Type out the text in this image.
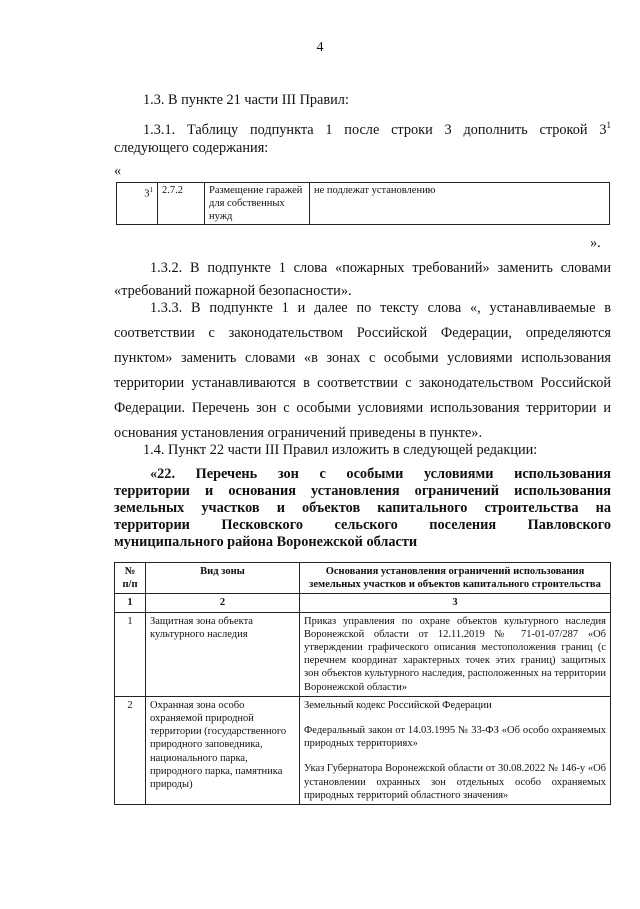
4
1.3. В пункте 21 части III Правил:
1.3.1. Таблицу подпункта 1 после строки 3 дополнить строкой $3^1$
следующего содержания:
«
$3^1$	2.7.2	Размещение гаражей для собственных нужд	не подлежат установлению
».
1.3.2. В подпункте 1 слова «пожарных требований» заменить словами «требований пожарной безопасности».
1.3.3. В подпункте 1 и далее по тексту слова «, устанавливаемые в соответствии с законодательством Российской Федерации, определяются пунктом» заменить словами «в зонах с особыми условиями использования территории устанавливаются в соответствии с законодательством Российской Федерации. Перечень зон с особыми условиями использования территории и основания установления ограничений приведены в пункте».
1.4. Пункт 22 части III Правил изложить в следующей редакции:
«22. Перечень зон с особыми условиями использования
территории и основания установления ограничений использования
земельных участков и объектов капитального строительства на
территории Песковского сельского поселения Павловского
муниципального района Воронежской области
№
п/п	Вид зоны	Основания установления ограничений использования земельных участков и объектов капитального строительства
1	2	3
1	Защитная зона объекта культурного наследия	Приказ управления по охране объектов культурного наследия Воронежской области от 12.11.2019 № 71-01-07/287 «Об утверждении графического описания местоположения границ (с перечнем координат характерных точек этих границ) защитных зон объектов культурного наследия, расположенных на территории Воронежской области»
2	Охранная зона особо охраняемой природной территории (государственного природного заповедника, национального парка, природного парка, памятника природы)	Земельный кодекс Российской Федерации
Федеральный закон от 14.03.1995 № 33-ФЗ «Об особо охраняемых природных территориях»
Указ Губернатора Воронежской области от 30.08.2022 № 146-у «Об установлении охранных зон отдельных особо охраняемых природных территорий областного значения»
